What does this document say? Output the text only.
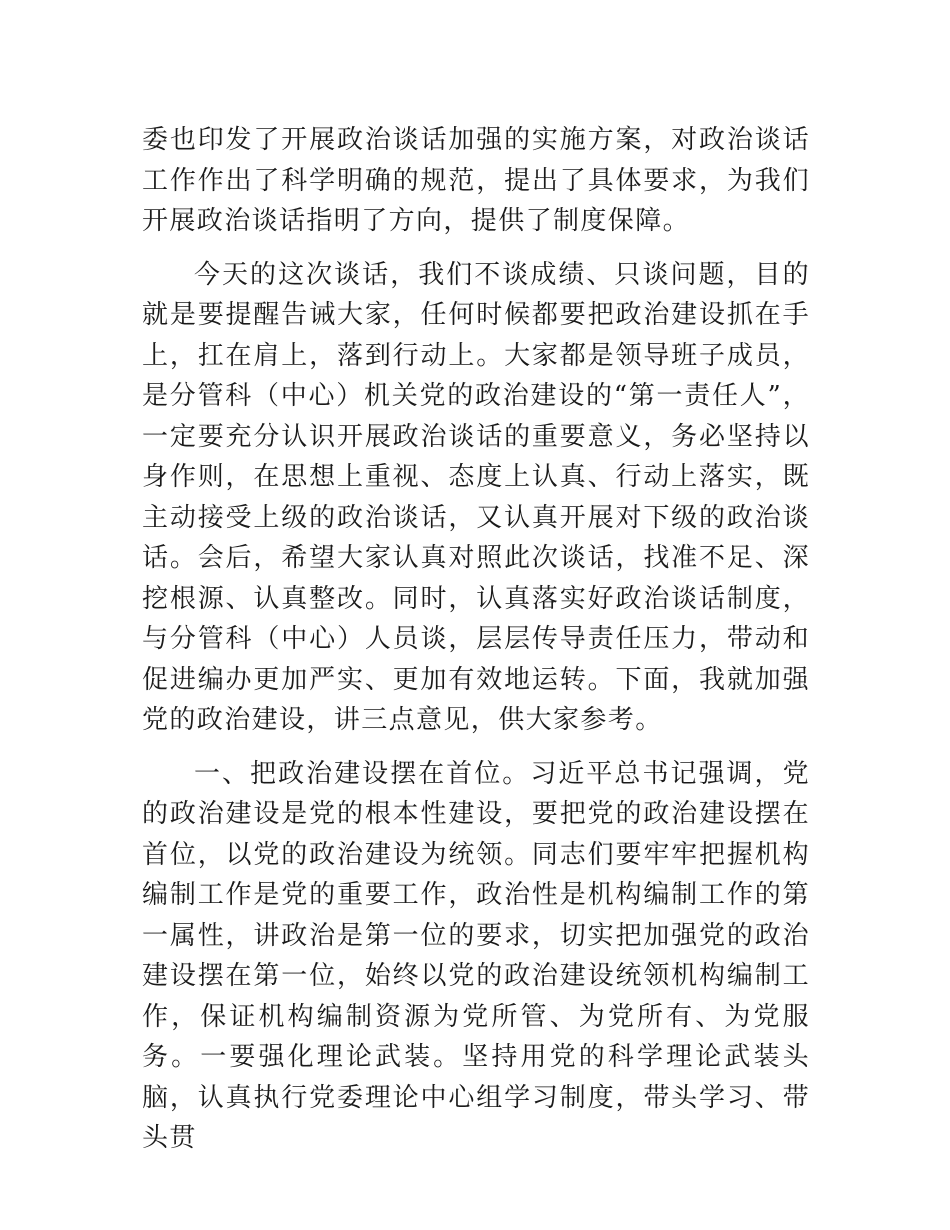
委也印发了开展政治谈话加强的实施方案，对政治谈话工作作出了科学明确的规范，提出了具体要求，为我们开展政治谈话指明了方向，提供了制度保障。

今天的这次谈话，我们不谈成绩、只谈问题，目的就是要提醒告诫大家，任何时候都要把政治建设抓在手上，扛在肩上，落到行动上。大家都是领导班子成员，是分管科（中心）机关党的政治建设的“第一责任人”，一定要充分认识开展政治谈话的重要意义，务必坚持以身作则，在思想上重视、态度上认真、行动上落实，既主动接受上级的政治谈话，又认真开展对下级的政治谈话。会后，希望大家认真对照此次谈话，找准不足、深挖根源、认真整改。同时，认真落实好政治谈话制度，与分管科（中心）人员谈，层层传导责任压力，带动和促进编办更加严实、更加有效地运转。下面，我就加强党的政治建设，讲三点意见，供大家参考。

一、把政治建设摆在首位。习近平总书记强调，党的政治建设是党的根本性建设，要把党的政治建设摆在首位，以党的政治建设为统领。同志们要牢牢把握机构编制工作是党的重要工作，政治性是机构编制工作的第一属性，讲政治是第一位的要求，切实把加强党的政治建设摆在第一位，始终以党的政治建设统领机构编制工作，保证机构编制资源为党所管、为党所有、为党服务。一要强化理论武装。坚持用党的科学理论武装头脑，认真执行党委理论中心组学习制度，带头学习、带头贯
